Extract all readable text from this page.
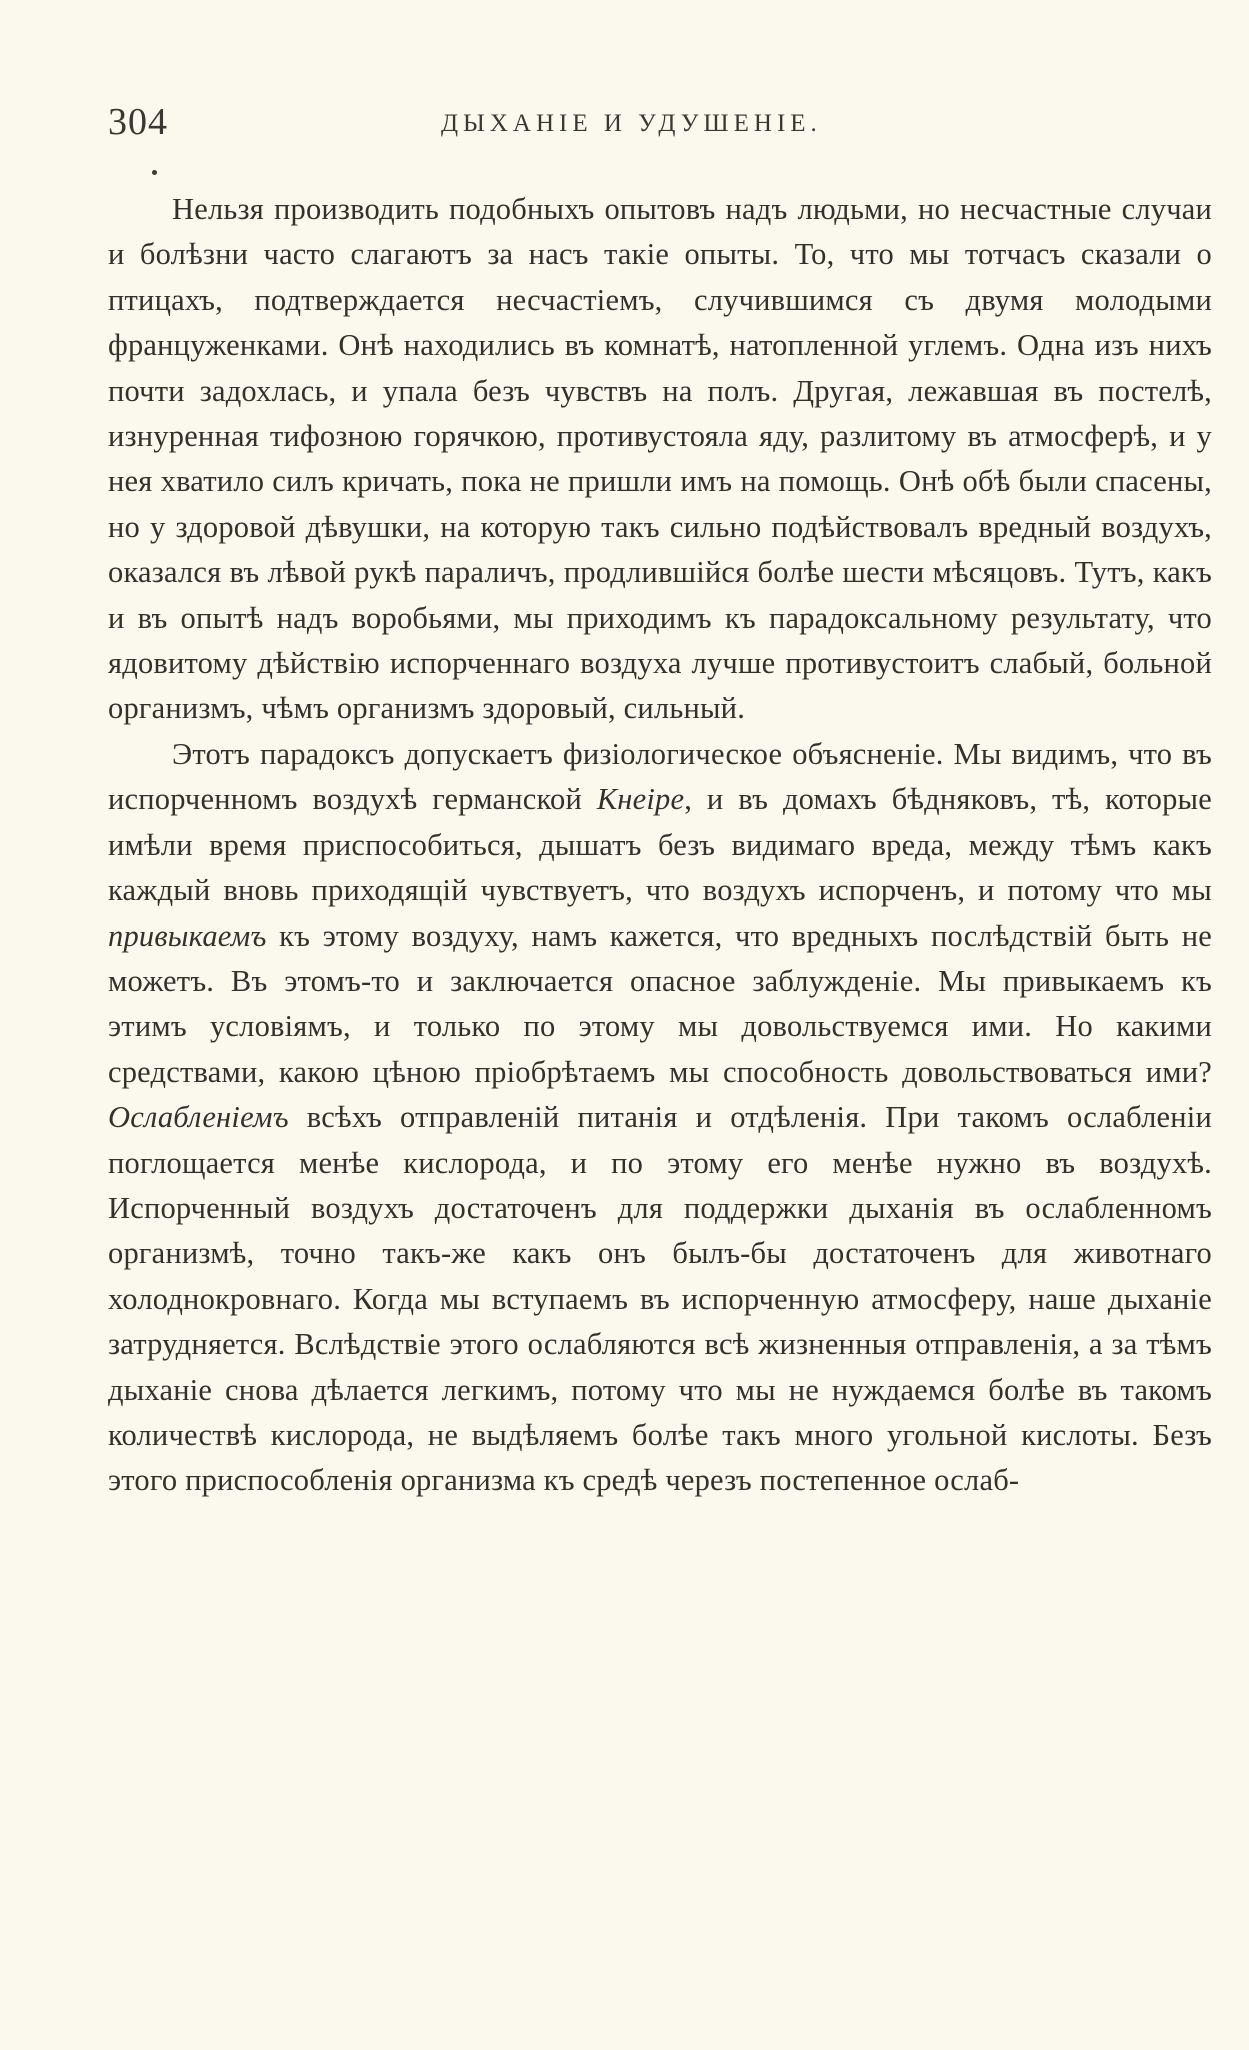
304	ДЫХАНІЕ И УДУШЕНІЕ.

Нельзя производить подобныхъ опытовъ надъ людьми, но несчастные случаи и болѣзни часто слагаютъ за насъ такіе опыты. То, что мы тотчасъ сказали о птицахъ, подтверждается несчастіемъ, случившимся съ двумя молодыми француженками. Онѣ находились въ комнатѣ, натопленной углемъ. Одна изъ нихъ почти задохлась, и упала безъ чувствъ на полъ. Другая, лежавшая въ постелѣ, изнуренная тифозною горячкою, противустояла яду, разлитому въ атмосферѣ, и у нея хватило силъ кричать, пока не пришли имъ на помощь. Онѣ обѣ были спасены, но у здоровой дѣвушки, на которую такъ сильно подѣйствовалъ вредный воздухъ, оказался въ лѣвой рукѣ параличъ, продлившійся болѣе шести мѣсяцовъ. Тутъ, какъ и въ опытѣ надъ воробьями, мы приходимъ къ парадоксальному результату, что ядовитому дѣйствію испорченнаго воздуха лучше противустоитъ слабый, больной организмъ, чѣмъ организмъ здоровый, сильный.

Этотъ парадоксъ допускаетъ физіологическое объясненіе. Мы видимъ, что въ испорченномъ воздухѣ германской Кнеіре, и въ домахъ бѣдняковъ, тѣ, которые имѣли время приспособиться, дышатъ безъ видимаго вреда, между тѣмъ какъ каждый вновь приходящій чувствуетъ, что воздухъ испорченъ, и потому что мы привыкаемъ къ этому воздуху, намъ кажется, что вредныхъ послѣдствій быть не можетъ. Въ этомъ-то и заключается опасное заблужденіе. Мы привыкаемъ къ этимъ условіямъ, и только по этому мы довольствуемся ими. Но какими средствами, какою цѣною пріобрѣтаемъ мы способность довольствоваться ими? Ослабленіемъ всѣхъ отправленій питанія и отдѣленія. При такомъ ослабленіи поглощается менѣе кислорода, и по этому его менѣе нужно въ воздухѣ. Испорченный воздухъ достаточенъ для поддержки дыханія въ ослабленномъ организмѣ, точно такъ-же какъ онъ былъ-бы достаточенъ для животнаго холоднокровнаго. Когда мы вступаемъ въ испорченную атмосферу, наше дыханіе затрудняется. Вслѣдствіе этого ослабляются всѣ жизненныя отправленія, а за тѣмъ дыханіе снова дѣлается легкимъ, потому что мы не нуждаемся болѣе въ такомъ количествѣ кислорода, не выдѣляемъ болѣе такъ много угольной кислоты. Безъ этого приспособленія организма къ средѣ черезъ постепенное ослаб-
